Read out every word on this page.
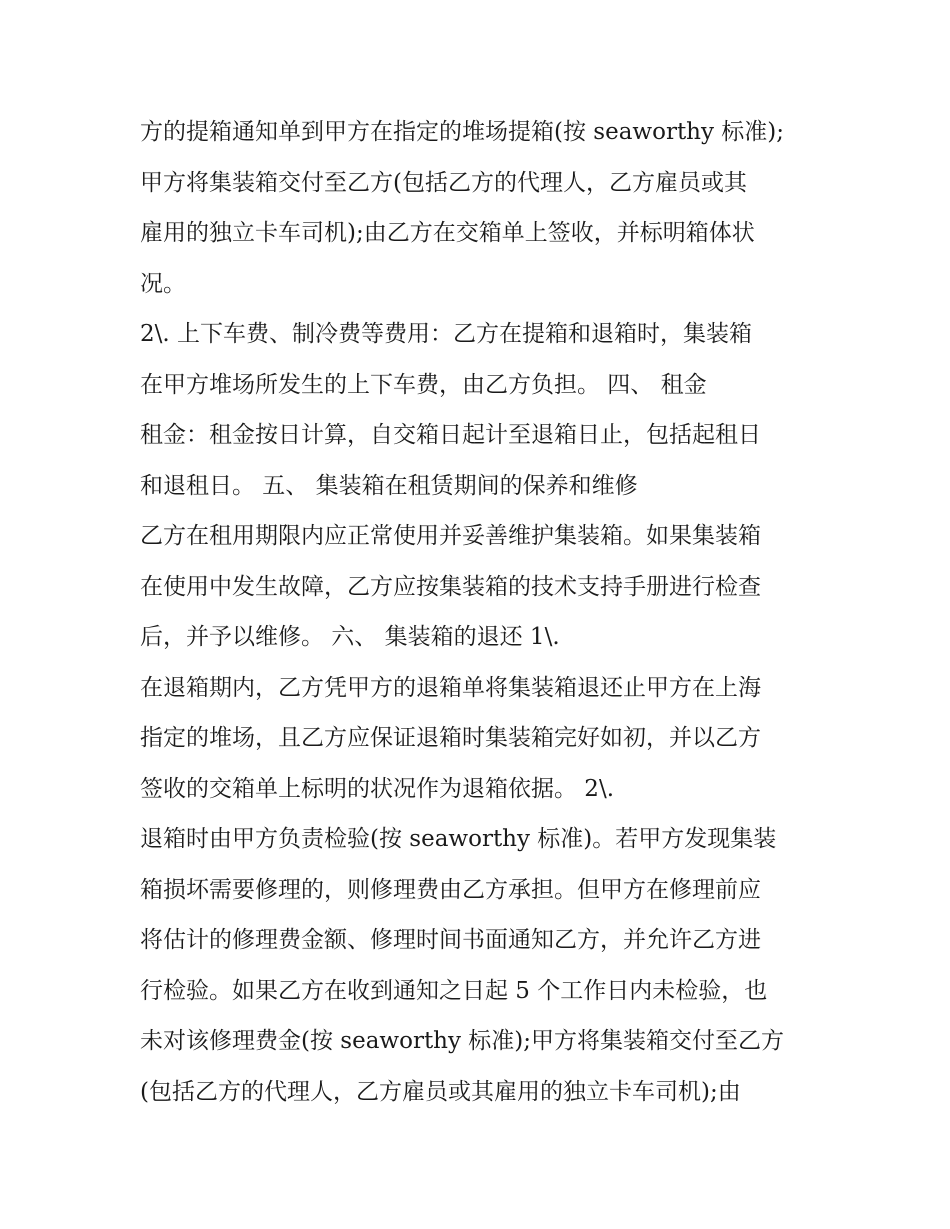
方的提箱通知单到甲方在指定的堆场提箱(按 seaworthy 标准);
甲方将集装箱交付至乙方(包括乙方的代理人，乙方雇员或其
雇用的独立卡车司机);由乙方在交箱单上签收，并标明箱体状
况。
2\. 上下车费、制冷费等费用：乙方在提箱和退箱时，集装箱
在甲方堆场所发生的上下车费，由乙方负担。 四、 租金
租金：租金按日计算，自交箱日起计至退箱日止，包括起租日
和退租日。 五、 集装箱在租赁期间的保养和维修
乙方在租用期限内应正常使用并妥善维护集装箱。如果集装箱
在使用中发生故障，乙方应按集装箱的技术支持手册进行检查
后，并予以维修。 六、 集装箱的退还 1\.
在退箱期内，乙方凭甲方的退箱单将集装箱退还止甲方在上海
指定的堆场，且乙方应保证退箱时集装箱完好如初，并以乙方
签收的交箱单上标明的状况作为退箱依据。 2\.
退箱时由甲方负责检验(按 seaworthy 标准)。若甲方发现集装
箱损坏需要修理的，则修理费由乙方承担。但甲方在修理前应
将估计的修理费金额、修理时间书面通知乙方，并允许乙方进
行检验。如果乙方在收到通知之日起 5 个工作日内未检验，也
未对该修理费金(按 seaworthy 标准);甲方将集装箱交付至乙方
(包括乙方的代理人，乙方雇员或其雇用的独立卡车司机);由
